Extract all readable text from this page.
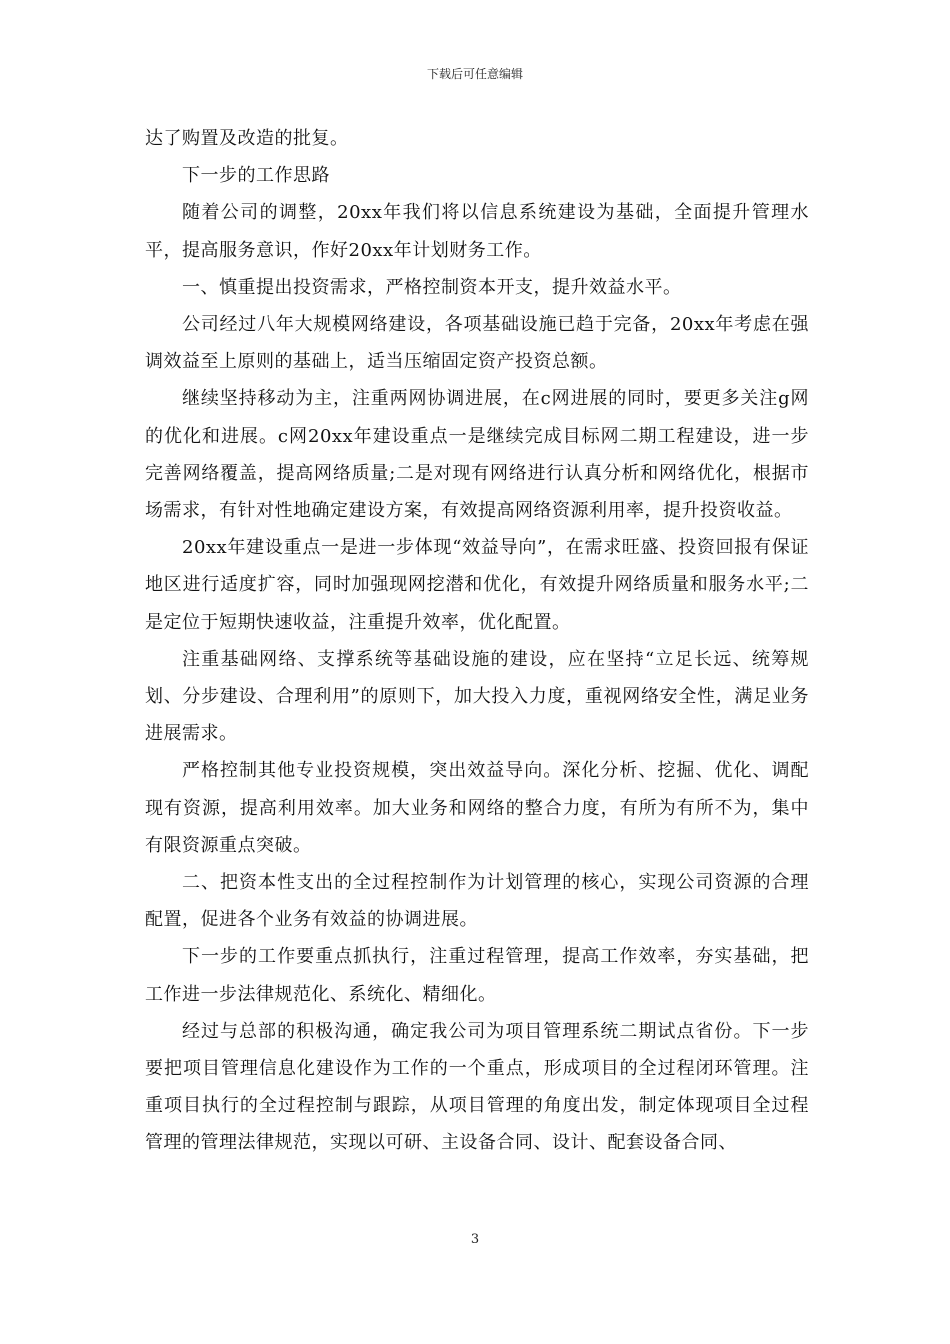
下载后可任意编辑

达了购置及改造的批复。

下一步的工作思路

随着公司的调整，20xx年我们将以信息系统建设为基础，全面提升管理水平，提高服务意识，作好20xx年计划财务工作。

一、慎重提出投资需求，严格控制资本开支，提升效益水平。

公司经过八年大规模网络建设，各项基础设施已趋于完备，20xx年考虑在强调效益至上原则的基础上，适当压缩固定资产投资总额。

继续坚持移动为主，注重两网协调进展，在c网进展的同时，要更多关注g网的优化和进展。c网20xx年建设重点一是继续完成目标网二期工程建设，进一步完善网络覆盖，提高网络质量;二是对现有网络进行认真分析和网络优化，根据市场需求，有针对性地确定建设方案，有效提高网络资源利用率，提升投资收益。

20xx年建设重点一是进一步体现“效益导向”，在需求旺盛、投资回报有保证地区进行适度扩容，同时加强现网挖潜和优化，有效提升网络质量和服务水平;二是定位于短期快速收益，注重提升效率，优化配置。

注重基础网络、支撑系统等基础设施的建设，应在坚持“立足长远、统筹规划、分步建设、合理利用”的原则下，加大投入力度，重视网络安全性，满足业务进展需求。

严格控制其他专业投资规模，突出效益导向。深化分析、挖掘、优化、调配现有资源，提高利用效率。加大业务和网络的整合力度，有所为有所不为，集中有限资源重点突破。

二、把资本性支出的全过程控制作为计划管理的核心，实现公司资源的合理配置，促进各个业务有效益的协调进展。

下一步的工作要重点抓执行，注重过程管理，提高工作效率，夯实基础，把工作进一步法律规范化、系统化、精细化。

经过与总部的积极沟通，确定我公司为项目管理系统二期试点省份。下一步要把项目管理信息化建设作为工作的一个重点，形成项目的全过程闭环管理。注重项目执行的全过程控制与跟踪，从项目管理的角度出发，制定体现项目全过程管理的管理法律规范，实现以可研、主设备合同、设计、配套设备合同、

3
